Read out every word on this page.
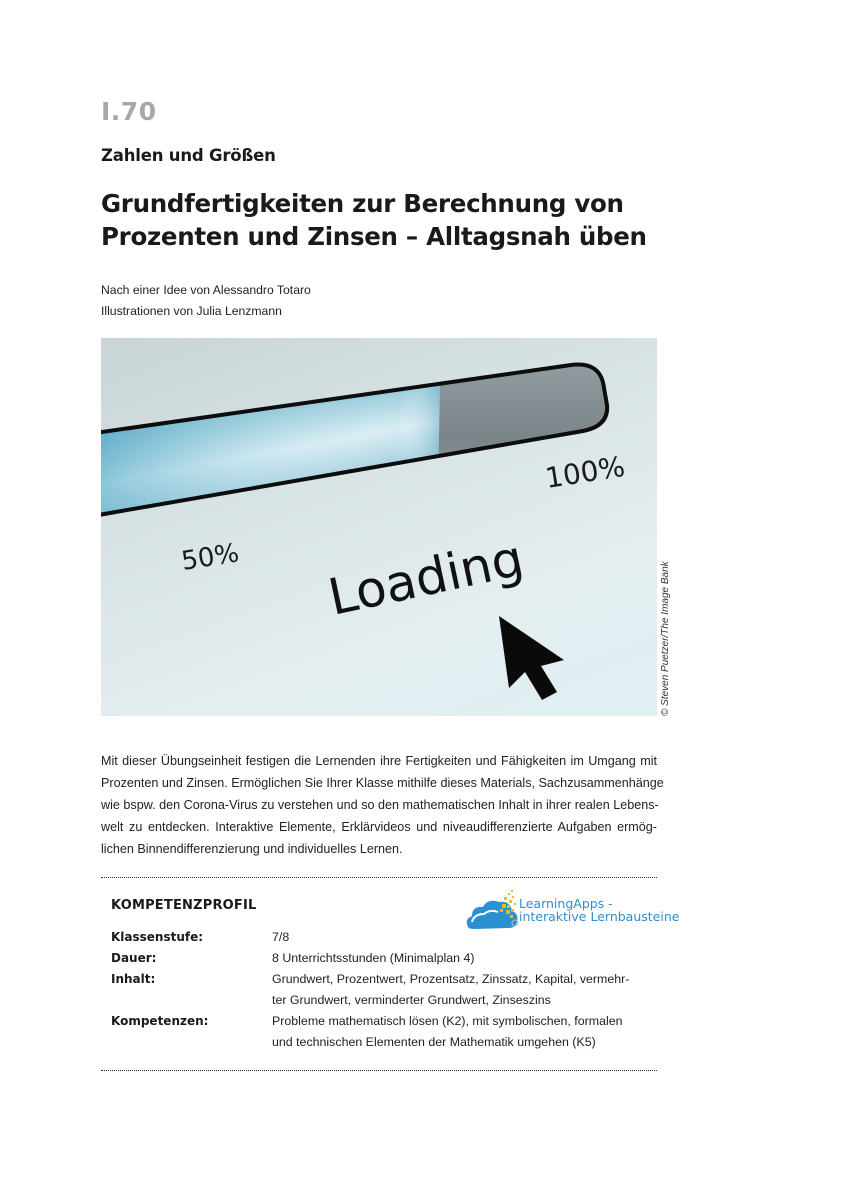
I.70
Zahlen und Größen
Grundfertigkeiten zur Berechnung von
Prozenten und Zinsen – Alltagsnah üben
Nach einer Idee von Alessandro Totaro
Illustrationen von Julia Lenzmann
100%
50% Loading	© Steven Puetzer/The Image Bank
Mit dieser Übungseinheit festigen die Lernenden ihre Fertigkeiten und Fähigkeiten im Umgang mit
Prozenten und Zinsen. Ermöglichen Sie Ihrer Klasse mithilfe dieses Materials, Sachzusammenhänge
wie bspw. den Corona-Virus zu verstehen und so den mathematischen Inhalt in ihrer realen Lebens-
welt zu entdecken. Interaktive Elemente, Erklärvideos und niveaudifferenzierte Aufgaben ermög-
lichen Binnendifferenzierung und individuelles Lernen.
KOMPETENZPROFIL	LearningApps -
interaktive Lernbausteine
Klassenstufe:	7/8
Dauer:	8 Unterrichtsstunden (Minimalplan 4)
Inhalt:	Grundwert, Prozentwert, Prozentsatz, Zinssatz, Kapital, vermehr-
ter Grundwert, verminderter Grundwert, Zinseszins
Kompetenzen:	Probleme mathematisch lösen (K2), mit symbolischen, formalen
und technischen Elementen der Mathematik umgehen (K5)
